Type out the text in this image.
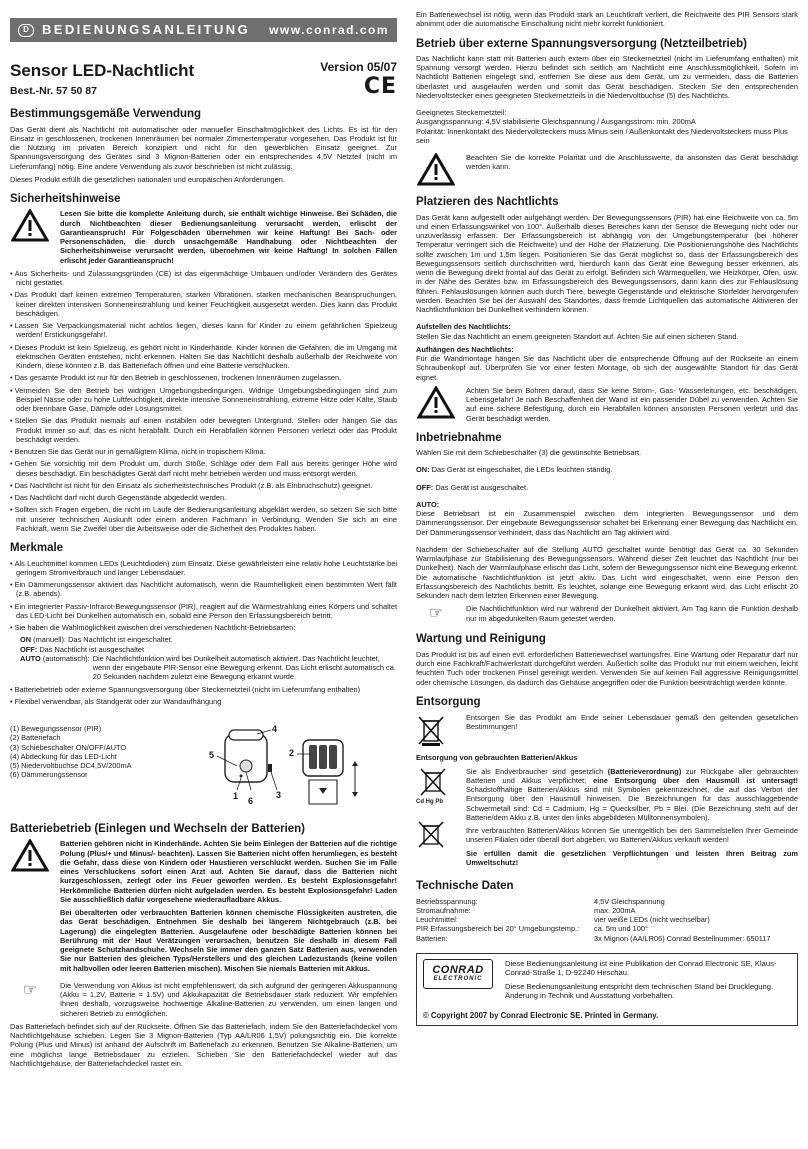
D	BEDIENUNGSANLEITUNG	www.conrad.com
Sensor LED-Nachtlicht
Best.-Nr. 57 50 87
Version 05/07
CE
Bestimmungsgemäße Verwendung

Das Gerät dient als Nachtlicht mit automatischer oder manueller Einschaltmöglichkeit des Lichts. Es ist für den Einsatz in geschlossenen, trockenen Innenräumen bei normaler Zimmertemperatur vorgesehen. Das Produkt ist für die Nutzung im privaten Bereich konzipiert und nicht für den gewerblichen Einsatz geeignet. Zur Spannungsversorgung des Gerätes sind 3 Mignon-Batterien oder ein entsprechendes 4,5V Netzteil (nicht im Lieferumfang) nötig. Eine andere Verwendung als zuvor beschrieben ist nicht zulässig.

Dieses Produkt erfüllt die gesetzlichen nationalen und europäischen Anforderungen.

Sicherheitshinweise
Lesen Sie bitte die komplette Anleitung durch, sie enthält wichtige Hinweise. Bei Schäden, die durch Nichtbeachten dieser Bedienungsanleitung verursacht werden, erlischt der Garantieanspruch! Für Folgeschäden übernehmen wir keine Haftung! Bei Sach- oder Personenschäden, die durch unsachgemäße Handhabung oder Nichtbeachten der Sicherheitshinweise verursacht werden, übernehmen wir keine Haftung! In solchen Fällen erlischt jeder Garantieanspruch!
• Aus Sicherheits- und Zulassungsgründen (CE) ist das eigenmächtige Umbauen und/oder Verändern des Gerätes nicht gestattet.
• Das Produkt darf keinen extremen Temperaturen, starken Vibrationen, starken mechanischen Beanspruchungen, keiner direkten intensiven Sonneneinstrahlung und keiner Feuchtigkeit ausgesetzt werden. Dies kann das Produkt beschädigen.
• Lassen Sie Verpackungsmaterial nicht achtlos liegen, dieses kann für Kinder zu einem gefährlichen Spielzeug werden! Erstickungsgefahr!.
• Dieses Produkt ist kein Spielzeug, es gehört nicht in Kinderhände. Kinder können die Gefahren, die im Umgang mit elektrischen Geräten entstehen, nicht erkennen. Halten Sie das Nachtlicht deshalb außerhalb der Reichweite von Kindern, diese könnten z.B. das Batteriefach öffnen und eine Batterie verschlucken.
• Das gesamte Produkt ist nur für den Betrieb in geschlossenen, trockenen Innenräumen zugelassen.
• Vermeiden Sie den Betrieb bei widrigen Umgebungsbedingungen. Widrige Umgebungsbedingungen sind zum Beispiel Nässe oder zu hohe Luftfeuchtigkeit, direkte intensive Sonneneinstrahlung, extreme Hitze oder Kälte, Staub oder brennbare Gase, Dämpfe oder Lösungsmittel.
• Stellen Sie das Produkt niemals auf einen instabilen oder bewegten Untergrund. Stellen oder hängen Sie das Produkt immer so auf, das es nicht herabfällt. Durch ein Herabfallen können Personen verletzt oder das Produkt beschädigt werden.
• Benutzen Sie das Gerät nur in gemäßigtem Klima, nicht in tropischem Klima.
• Gehen Sie vorsichtig mit dem Produkt um, durch Stöße, Schläge oder dem Fall aus bereits geringer Höhe wird dieses beschädigt. Ein beschädigtes Gerät darf nicht mehr betrieben werden und muss entsorgt werden.
• Das Nachtlicht ist nicht für den Einsatz als sicherheitstechnisches Produkt (z.B. als Einbruchschutz) geeignet.
• Das Nachtlicht darf nicht durch Gegenstände abgedeckt werden.
• Sollten sich Fragen ergeben, die nicht im Laufe der Bedienungsanleitung abgeklärt werden, so setzen Sie sich bitte mit unserer technischen Auskunft oder einem anderen Fachmann in Verbindung. Wenden Sie sich an eine Fachkraft, wenn Sie Zweifel über die Arbeitsweise oder die Sicherheit des Produktes haben.
Merkmale
• Als Leuchtmittel kommen LEDs (Leuchtdioden) zum Einsatz. Diese gewährleisten eine relativ hohe Leuchtstärke bei geringem Stromverbrauch und langer Lebensdauer.
• Ein Dämmerungssensor aktiviert das Nachtlicht automatisch, wenn die Raumhelligkeit einen bestimmten Wert fällt (z.B. abends).
• Ein integrierter Passiv-Infrarot-Bewegungssensor (PIR), reagiert auf die Wärmestrahlung eines Körpers und schaltet das LED-Licht bei Dunkelheit automatisch ein, sobald eine Person den Erfassungsbereich betritt.
• Sie haben die Wahlmöglichkeit zwischen drei verschiedenen Nachtlicht-Betriebsarten:
ON (manuell): Das Nachtlicht ist eingeschaltet.
OFF: Das Nachtlicht ist ausgeschaltet
AUTO (automatisch): Die Nachtlichtfunktion wird bei Dunkelheit automatisch aktiviert. Das Nachtlicht leuchtet, wenn der eingebaute PIR-Sensor eine Bewegung erkennt. Das Licht erlischt automatisch ca. 20 Sekunden nachdem zuletzt eine Bewegung erkannt wurde.
• Batteriebetrieb oder externe Spannungsversorgung über Steckernetzteil (nicht im Lieferumfang enthalten)
• Flexibel verwendbar, als Standgerät oder zur Wandaufhängung
(1) Bewegungssensor (PIR)
(2) Batteriefach
(3) Schiebeschalter ON/OFF/AUTO
(4) Abdeckung für das LED-Licht
(5) Niedervoltbuchse DC4,5V/200mA
(6) Dämmerungssensor
4
5
1 6
3
2
Batteriebetrieb (Einlegen und Wechseln der Batterien)

Batterien gehören nicht in Kinderhände. Achten Sie beim Einlegen der Batterien auf die richtige Polung (Plus/+ und Minus/- beachten). Lassen Sie Batterien nicht offen herumliegen, es besteht die Gefahr, dass diese von Kindern oder Haustieren verschluckt werden. Suchen Sie im Falle eines Verschluckens sofort einen Arzt auf. Achten Sie darauf, dass die Batterien nicht kurzgeschlossen, zerlegt oder ins Feuer geworfen werden. Es besteht Explosionsgefahr! Herkömmliche Batterien dürfen nicht aufgeladen werden. Es besteht Explosionsgefahr! Laden Sie ausschließlich dafür vorgesehene wiederaufladbare Akkus.

Bei überalterten oder verbrauchten Batterien können chemische Flüssigkeiten austreten, die das Gerät beschädigen. Entnehmen Sie deshalb bei längerem Nichtgebrauch (z.B. bei Lagerung) die eingelegten Batterien. Ausgelaufene oder beschädigte Batterien können bei Berührung mit der Haut Verätzungen verursachen, benutzen Sie deshalb in diesem Fall geeignete Schutzhandschuhe. Wechseln Sie immer den ganzen Satz Batterien aus, verwenden Sie nur Batterien des gleichen Typs/Herstellers und des gleichen Ladezustands (keine vollen mit halbvollen oder leeren Batterien mischen). Mischen Sie niemals Batterien mit Akkus.

☞	Die Verwendung von Akkus ist nicht empfehlenswert, da sich aufgrund der geringeren Akkuspannung (Akku = 1,2V, Batterie = 1.5V) und Akkukapazität die Betriebsdauer stark reduziert. Wir empfehlen Ihnen deshalb, vorzugsweise hochwertige Alkaline-Batterien zu verwenden, um einen langen und sicheren Betrieb zu ermöglichen.

Das Batteriefach befindet sich auf der Rückseite. Öffnen Sie das Batteriefach, indem Sie den Batteriefachdeckel vom Nachtlichtgehäuse schieben. Legen Sie 3 Mignon-Batterien (Typ AA/LR06 1,5V) polungsrichtig ein. Die korrekte Polung (Plus und Minus) ist anhand der Aufschrift im Batteriefach zu erkennen. Benutzen Sie Alkaline-Batterien, um eine möglichst lange Betriebsdauer zu erzielen. Schieben Sie den Batteriefachdeckel wieder auf das Nachtlichtgehäuse, der Batteriefachdeckel rastet ein.

Ein Batteriewechsel ist nötig, wenn das Produkt stark an Leuchtkraft verliert, die Reichweite des PIR Sensors stark abnimmt oder die automatische Einschaltung nicht mehr korrekt funktioniert.

Betrieb über externe Spannungsversorgung (Netzteilbetrieb)

Das Nachtlicht kann statt mit Batterien auch extern über ein Steckernetzteil (nicht im Lieferumfang enthalten) mit Spannung versorgt werden. Hierzu befindet sich seitlich am Nachtlicht eine Anschlussmöglichkeit. Sofern im Nachtlicht Batterien eingelegt sind, entfernen Sie diese aus dem Gerät, um zu vermeiden, dass die Batterien überlastet und ausgelaufen werden und somit das Gerät beschädigen. Stecken Sie den entsprechenden Niedervoltstecker eines geeigneten Steckernetzteils in die Niedervoltbuchse (5) des Nachtlichts.

Geeignetes Steckernetzteil:

Ausgangsspannung: 4,5V stabilisierte Gleichspannung / Ausgangsstrom: min. 200mA

Polarität: Innenkontakt des Niedervoltsteckers muss Minus sein / Außenkontakt des Niedervoltsteckers muss Plus sein

Beachten Sie die korrekte Polarität und die Anschlusswerte, da ansonsten das Gerät beschädigt werden kann.
Platzieren des Nachtlichts

Das Gerät kann aufgestellt oder aufgehängt werden. Der Bewegungssensors (PIR) hat eine Reichweite von ca. 5m und einen Erfassungswinkel von 100°. Außerhalb dieses Bereiches kann der Sensor die Bewegung nicht oder nur unzuverlässig erfassen. Der Erfassungsbereich ist abhängig von der Umgebungstemperatur (bei höherer Temperatur verringert sich die Reichweite) und der Höhe der Platzierung. Die Positionierungshöhe des Nachtlichts sollte zwischen 1m und 1,5m liegen. Positionieren Sie das Gerät möglichst so, dass der Erfassungsbereich des Bewegungssensors seitlich durchschritten wird, hierdurch kann das Gerät eine Bewegung besser erkennen, als wenn die Bewegung direkt frontal auf das Gerät zu erfolgt. Befinden sich Wärmequellen, wie Heizkörper, Öfen, usw. in der Nähe des Gerätes bzw. im Erfassungsbereich des Bewegungssensors, dann kann dies zur Fehlauslösung führen. Fehlauslösungen können auch durch Tiere, bewegte Gegenstände und elektrische Störfelder hervorgerufen werden. Beachten Sie bei der Auswahl des Standortes, dass fremde Lichtquellen das automatische Aktivieren der Nachtlichtfunktion bei Dunkelheit verhindern können.

Aufstellen des Nachtlichts:

Stellen Sie das Nachtlicht an einem geeigneten Standort auf. Achten Sie auf einen sicheren Stand.

Aufhängen des Nachtlichts:

Für die Wandmontage hängen Sie das Nachtlicht über die entsprechende Öffnung auf der Rückseite an einem Schraubenkopf auf. Überprüfen Sie vor einer festen Montage, ob sich der ausgewählte Standort für das Gerät eignet.

Achten Sie beim Bohren darauf, dass Sie keine Strom-, Gas- Wasserleitungen, etc. beschädigen, Lebensgefahr! Je nach Beschaffenheit der Wand ist ein passender Dübel zu verwenden. Achten Sie auf eine sichere Befestigung, durch ein Herabfallen können ansonsten Personen verletzt und das Gerät beschädigt werden.
Inbetriebnahme

Wählen Sie mit dem Schiebeschalter (3) die gewünschte Betriebsart.

ON: Das Gerät ist eingeschaltet, die LEDs leuchten ständig.

OFF: Das Gerät ist ausgeschaltet.

AUTO:

Diese Betriebsart ist ein Zusammenspiel zwischen dem integrierten Bewegungssensor und dem Dämmerungssensor. Der eingebaute Bewegungssensor schaltet bei Erkennung einer Bewegung das Nachtlicht ein. Der Dämmerungssensor verhindert, dass das Nachtlicht am Tag aktiviert wird.

Nachdem der Schiebeschalter auf die Stellung AUTO geschaltet wurde benötigt das Gerät ca. 30 Sekunden Warmlaufphase zur Stabilisierung des Bewegungssensors. Während dieser Zeit leuchtet das Nachtlicht (nur bei Dunkelheit). Nach der Warmlaufphase erlischt das Licht, sofern der Bewegungssensor nicht eine Bewegung erkennt. Die automatische Nachtlichtfunktion ist jetzt aktiv. Das Licht wird eingeschaltet, wenn eine Person den Erfassungsbereich des Nachtlichts betritt. Es leuchtet, solange eine Bewegung erkannt wird, das Licht erlischt 20 Sekunden nach dem letzten Erkennen einer Bewegung.

☞	Die Nachtlichtfunktion wird nur während der Dunkelheit aktiviert. Am Tag kann die Funktion deshalb nur im abgedunkelten Raum getestet werden.
Wartung und Reinigung

Das Produkt ist bis auf einen evtl. erforderlichen Batteriewechsel wartungsfrei. Eine Wartung oder Reparatur darf nur durch eine Fachkraft/Fachwerkstatt durchgeführt werden. Äußerlich sollte das Produkt nur mit einem weichen, leicht feuchten Tuch oder trockenen Pinsel gereinigt werden. Verwenden Sie auf keinen Fall aggressive Reinigungsmittel oder chemische Lösungen, da dadurch das Gehäuse angegriffen oder die Funktion beeinträchtigt werden könnte.

Entsorgung
Entsorgen Sie das Produkt am Ende seiner Lebensdauer gemäß den geltenden gesetzlichen Bestimmungen!

Entsorgung von gebrauchten Batterien/Akkus

Cd Hg Pb

Sie als Endverbraucher sind gesetzlich (Batterieverordnung) zur Rückgabe aller gebrauchten Batterien und Akkus verpflichtet; eine Entsorgung über den Hausmüll ist untersagt! Schadstoffhaltige Batterien/Akkus sind mit Symbolen gekennzeichnet, die auf das Verbot der Entsorgung über den Hausmüll hinweisen. Die Bezeichnungen für das ausschlaggebende Schwermetall sind: Cd = Cadmium, Hg = Quecksilber, Pb = Blei. (Die Bezeichnung steht auf der Batterie/dem Akku z.B. unter den links abgebildeten Mülltonnensymbolen).

Ihre verbrauchten Batterien/Akkus können Sie unentgeltlich bei den Sammelstellen Ihrer Gemeinde unseren Filialen oder überall dort abgeben, wo Batterien/Akkus verkauft werden!

Sie erfüllen damit die gesetzlichen Verpflichtungen und leisten Ihren Beitrag zum Umweltschutz!

Technische Daten
Betriebsspannung:	4,5V Gleichspannung
Stromaufnahme:	max. 200mA
Leuchtmittel:	vier weiße LEDs (nicht wechselbar)
PIR Erfassungsbereich bei 20° Umgebungstemp.:	ca. 5m und 100°
Batterien:	3x Mignon (AA/LR06) Conrad Bestellnummer: 650117
CONRAD
ELECTRONIC

Diese Bedienungsanleitung ist eine Publikation der Conrad Electronic SE, Klaus-Conrad-Straße 1, D-92240 Hirschau.

Diese Bedienungsanleitung entspricht dem technischen Stand bei Drucklegung. Änderung in Technik und Ausstattung vorbehalten.

© Copyright 2007 by Conrad Electronic SE. Printed in Germany.
